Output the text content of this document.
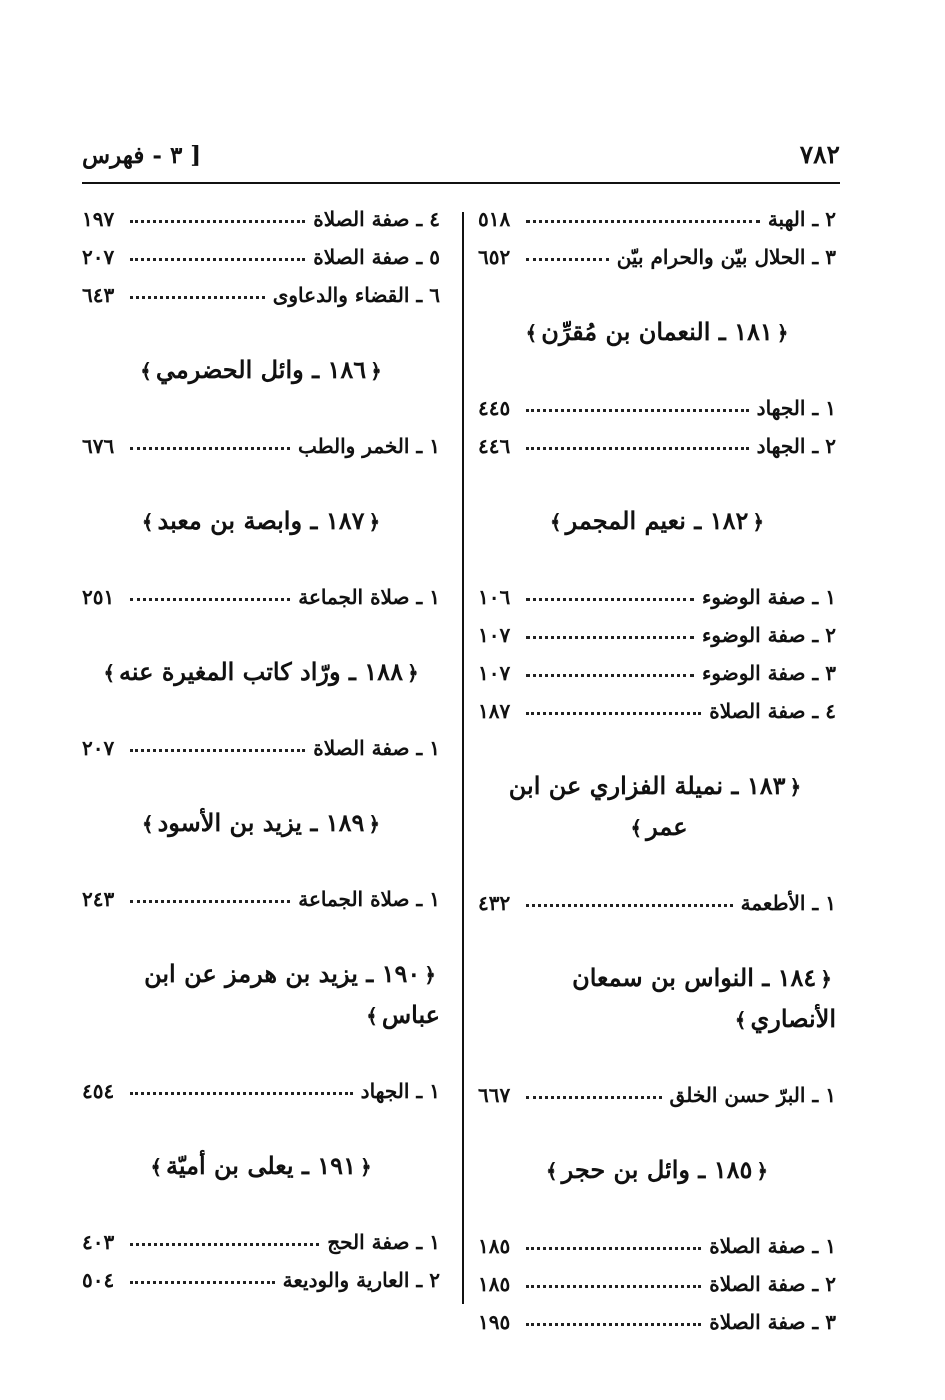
٧٨٢
[ ٣ - فهرس
٢ ـ الهبة
٥١٨
٣ ـ الحلال بيّن والحرام بيّن
٦٥٢
﴿١٨١ ـ النعمان بن مُقرِّن﴾
١ ـ الجهاد
٤٤٥
٢ ـ الجهاد
٤٤٦
﴿١٨٢ ـ نعيم المجمر﴾
١ ـ صفة الوضوء
١٠٦
٢ ـ صفة الوضوء
١٠٧
٣ ـ صفة الوضوء
١٠٧
٤ ـ صفة الصلاة
١٨٧
﴿١٨٣ ـ نميلة الفزاري عن ابن عمر﴾
١ ـ الأطعمة
٤٣٢
﴿١٨٤ ـ النواس بن سمعان الأنصاري﴾
١ ـ البرّ حسن الخلق
٦٦٧
﴿١٨٥ ـ وائل بن حجر﴾
١ ـ صفة الصلاة
١٨٥
٢ ـ صفة الصلاة
١٨٥
٣ ـ صفة الصلاة
١٩٥
٤ ـ صفة الصلاة
١٩٧
٥ ـ صفة الصلاة
٢٠٧
٦ ـ القضاء والدعاوى
٦٤٣
﴿١٨٦ ـ وائل الحضرمي﴾
١ ـ الخمر والطب
٦٧٦
﴿١٨٧ ـ وابصة بن معبد﴾
١ ـ صلاة الجماعة
٢٥١
﴿١٨٨ ـ ورّاد كاتب المغيرة عنه﴾
١ ـ صفة الصلاة
٢٠٧
﴿١٨٩ ـ يزيد بن الأسود﴾
١ ـ صلاة الجماعة
٢٤٣
﴿١٩٠ ـ يزيد بن هرمز عن ابن عباس﴾
١ ـ الجهاد
٤٥٤
﴿١٩١ ـ يعلى بن أميّة﴾
١ ـ صفة الحج
٤٠٣
٢ ـ العارية والوديعة
٥٠٤
